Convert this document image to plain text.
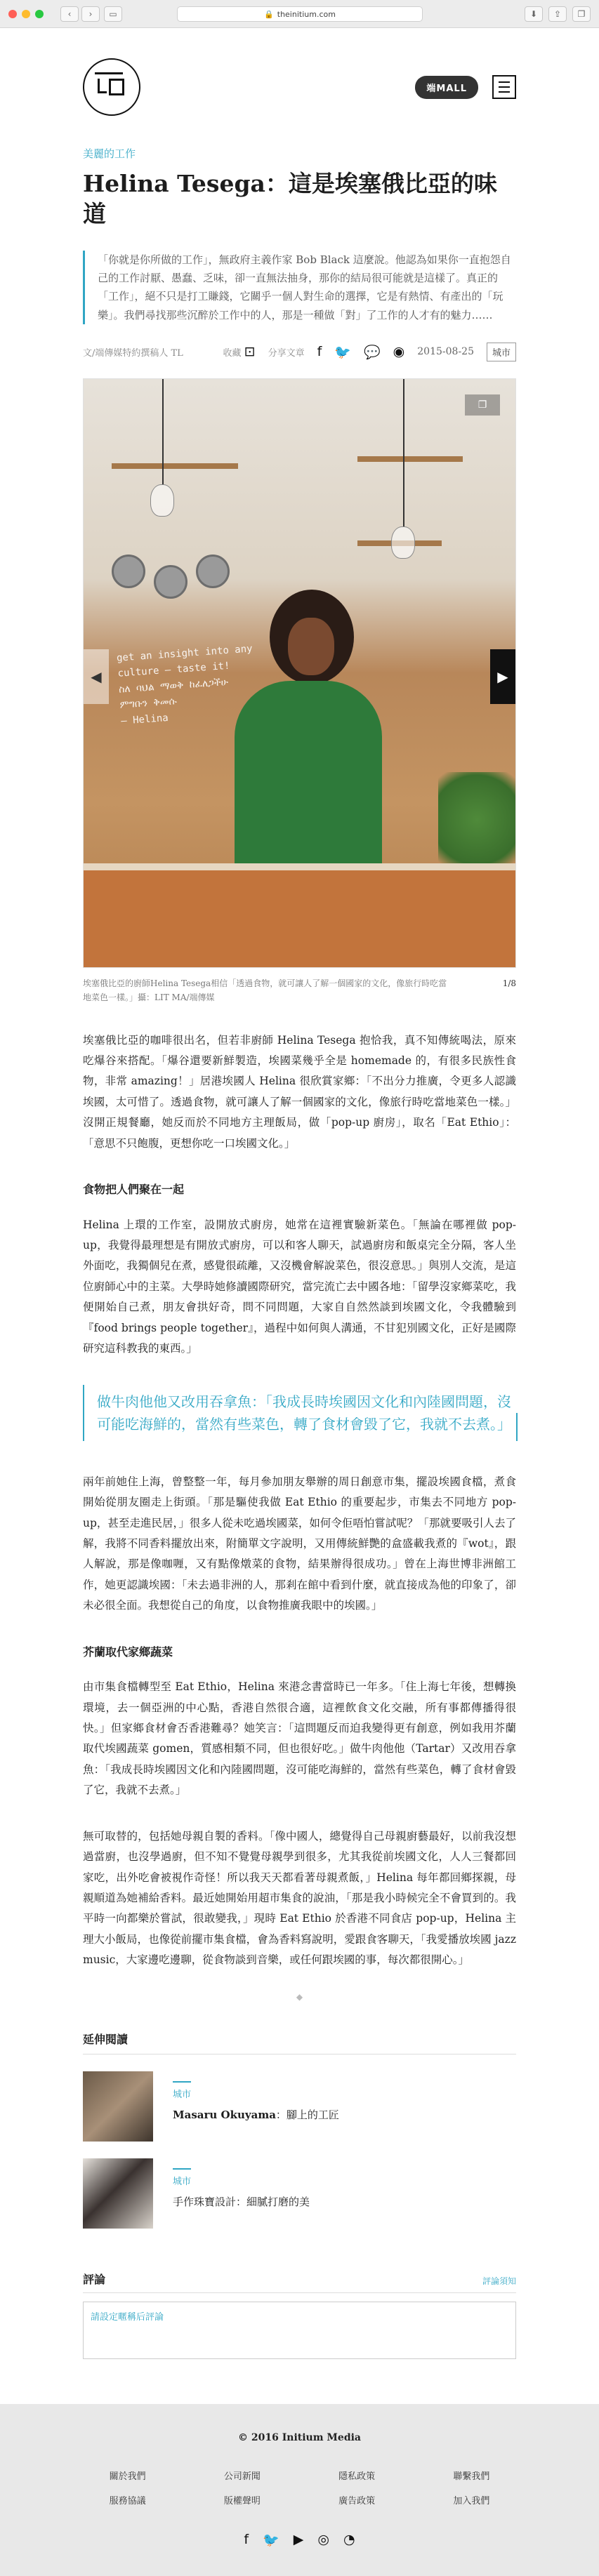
‹	›	▭	🔒 theinitium.com	⬇	⇪	❐
端MALL
美麗的工作
Helina Tesega：這是埃塞俄比亞的味道
「你就是你所做的工作」，無政府主義作家 Bob Black 這麼說。他認為如果你一直抱怨自己的工作討厭、愚蠢、乏味，卻一直無法抽身，那你的結局很可能就是這樣了。真正的「工作」，絕不只是打工賺錢，它關乎一個人對生命的選擇，它是有熱情、有產出的「玩樂」。我們尋找那些沉醉於工作中的人，那是一種做「對」了工作的人才有的魅力……
文/端傳媒特約撰稿人 TL	收藏 ⊡ 分享文章 f 🐦 💬 ◉ 2015-08-25	城市
get an insight into any
culture — taste it!
ስለ ባህል ማወቅ ከፈለጋችሁ
ምግቡን ቅመሱ
— Helina
❐
◀	▶
埃塞俄比亞的廚師Helina Tesega相信「透過食物，就可讓人了解一個國家的文化，像旅行時吃當
地菜色一樣。」攝：LIT MA/端傳媒
1/8

埃塞俄比亞的咖啡很出名，但若非廚師 Helina Tesega 抱恰我，真不知傳統喝法，原來吃爆谷來搭配。「爆谷還要新鮮製造，埃國菜幾乎全是 homemade 的，有很多民族性食物，非常 amazing！」居港埃國人 Helina 很欣賞家鄉：「不出分力推廣，令更多人認識埃國，太可惜了。透過食物，就可讓人了解一個國家的文化，像旅行時吃當地菜色一樣。」沒開正規餐廳，她反而於不同地方主理飯局，做「pop-up 廚房」，取名「Eat Ethio」：「意思不只飽腹，更想你吃一口埃國文化。」

食物把人們聚在一起

Helina 上環的工作室，設開放式廚房，她常在這裡實驗新菜色。「無論在哪裡做 pop-up，我覺得最理想是有開放式廚房，可以和客人聊天，試過廚房和飯桌完全分隔，客人坐外面吃，我獨個兒在煮，感覺很疏離，又沒機會解說菜色，很沒意思。」與別人交流，是這位廚師心中的主菜。大學時她修讀國際研究，當完流亡去中國各地：「留學沒家鄉菜吃，我便開始自己煮，朋友會拱好奇，問不同問題，大家自自然然談到埃國文化，令我體驗到『food brings people together』，過程中如何與人溝通，不甘犯別國文化，正好是國際研究這科教我的東西。」

做牛肉他他又改用吞拿魚：「我成長時埃國因文化和內陸國問題，沒可能吃海鮮的，當然有些菜色，轉了食材會毀了它，我就不去煮。」

兩年前她住上海，曾整整一年，每月參加朋友舉辦的周日創意市集，擺設埃國食檔，煮食開始從朋友圈走上街頭。「那是驅使我做 Eat Ethio 的重要起步，市集去不同地方 pop-up，甚至走進民居，」很多人從未吃過埃國菜，如何令佢唔怕嘗試呢？「那就要吸引人去了解，我將不同香料擺放出來，附簡單文字說明，又用傳統鮮艷的盒盛載我煮的『wot』，跟人解說，那是像咖喱，又有點像燉菜的食物，結果辦得很成功。」曾在上海世博非洲館工作，她更認識埃國：「未去過非洲的人，那剎在館中看到什麼，就直接成為他的印象了，卻未必很全面。我想從自己的角度，以食物推廣我眼中的埃國。」

芥蘭取代家鄉蔬菜

由市集食檔轉型至 Eat Ethio，Helina 來港念書當時已一年多。「住上海七年後，想轉換環境，去一個亞洲的中心點，香港自然很合適，這裡飲食文化交融，所有事都傳播得很快。」但家鄉食材會否香港難尋？她笑言：「這問題反而迫我變得更有創意，例如我用芥蘭取代埃國蔬菜 gomen，質感相類不同，但也很好吃。」做牛肉他他（Tartar）又改用吞拿魚：「我成長時埃國因文化和內陸國問題，沒可能吃海鮮的，當然有些菜色，轉了食材會毀了它，我就不去煮。」

無可取替的，包括她母親自製的香料。「像中國人，總覺得自己母親廚藝最好，以前我沒想過當廚，也沒學過廚，但不知不覺覺母親學到很多，尤其我從前埃國文化，人人三餐都回家吃，出外吃會被視作奇怪！所以我天天都看著母親煮飯，」Helina 每年都回鄉探親，母親順道為她補給香料。最近她開始用超市集食的說油，「那是我小時候完全不會買到的。我平時一向都樂於嘗試，很敢變我，」現時 Eat Ethio 於香港不同食店 pop-up，Helina 主理大小飯局，也像從前擺市集食檔，會為香料寫說明，愛跟食客聊天，「我愛播放埃國 jazz music，大家邊吃邊聊，從食物談到音樂，或任何跟埃國的事，每次都很開心。」

◆
延伸閱讀
城市
Masaru Okuyama：腳上的工匠
城市
手作珠寶設計：細膩打磨的美
評論	評論須知
請設定暱稱后評論
© 2016 Initium Media
關於我們	公司新聞	隱私政策	聯繫我們
服務協議	版權聲明	廣告政策	加入我們
f 🐦 ▶ ◎ ◔
